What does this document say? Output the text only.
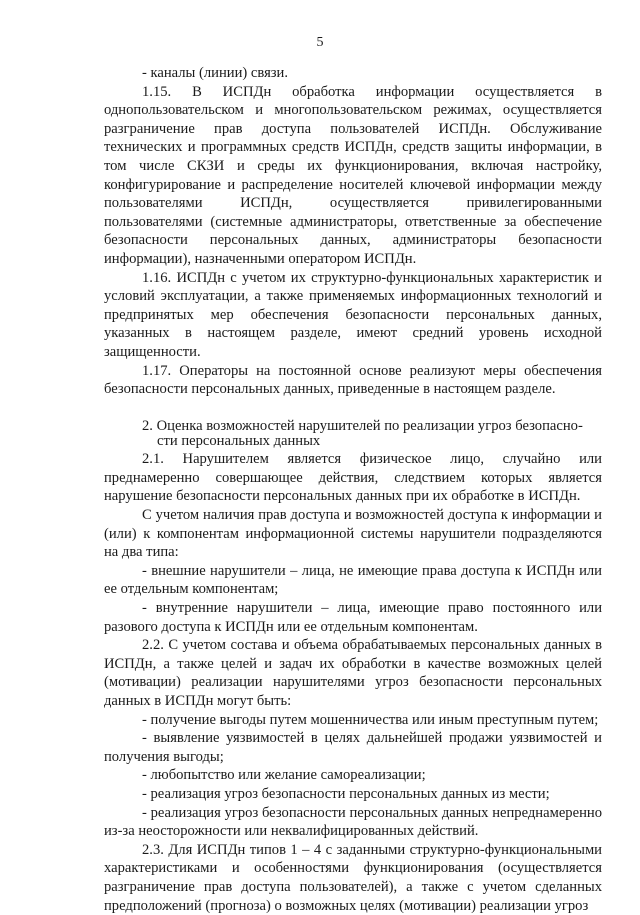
5

- каналы (линии) связи.

1.15. В ИСПДн обработка информации осуществляется в однопользовательском и многопользовательском режимах, осуществляется разграничение прав доступа пользователей ИСПДн. Обслуживание технических и программных средств ИСПДн, средств защиты информации, в том числе СКЗИ и среды их функционирования, включая настройку, конфигурирование и распределение носителей ключевой информации между пользователями ИСПДн, осуществляется привилегированными пользователями (системные администраторы, ответственные за обеспечение безопасности персональных данных, администраторы безопасности информации), назначенными оператором ИСПДн.

1.16. ИСПДн с учетом их структурно-функциональных характеристик и условий эксплуатации, а также применяемых информационных технологий и предпринятых мер обеспечения безопасности персональных данных, указанных в настоящем разделе, имеют средний уровень исходной защищенности.

1.17. Операторы на постоянной основе реализуют меры обеспечения безопасности персональных данных, приведенные в настоящем разделе.

2. Оценка возможностей нарушителей по реализации угроз безопасно-
сти персональных данных

2.1. Нарушителем является физическое лицо, случайно или преднамеренно совершающее действия, следствием которых является нарушение безопасности персональных данных при их обработке в ИСПДн.

С учетом наличия прав доступа и возможностей доступа к информации и (или) к компонентам информационной системы нарушители подразделяются на два типа:

- внешние нарушители – лица, не имеющие права доступа к ИСПДн или ее отдельным компонентам;

- внутренние нарушители – лица, имеющие право постоянного или разового доступа к ИСПДн или ее отдельным компонентам.

2.2. С учетом состава и объема обрабатываемых персональных данных в ИСПДн, а также целей и задач их обработки в качестве возможных целей (мотивации) реализации нарушителями угроз безопасности персональных данных в ИСПДн могут быть:

- получение выгоды путем мошенничества или иным преступным путем;

- выявление уязвимостей в целях дальнейшей продажи уязвимостей и получения выгоды;

- любопытство или желание самореализации;

- реализация угроз безопасности персональных данных из мести;

- реализация угроз безопасности персональных данных непреднамеренно из-за неосторожности или неквалифицированных действий.

2.3. Для ИСПДн типов 1 – 4 с заданными структурно-функциональными характеристиками и особенностями функционирования (осуществляется разграничение прав доступа пользователей), а также с учетом сделанных предположений (прогноза) о возможных целях (мотивации) реализации угроз
